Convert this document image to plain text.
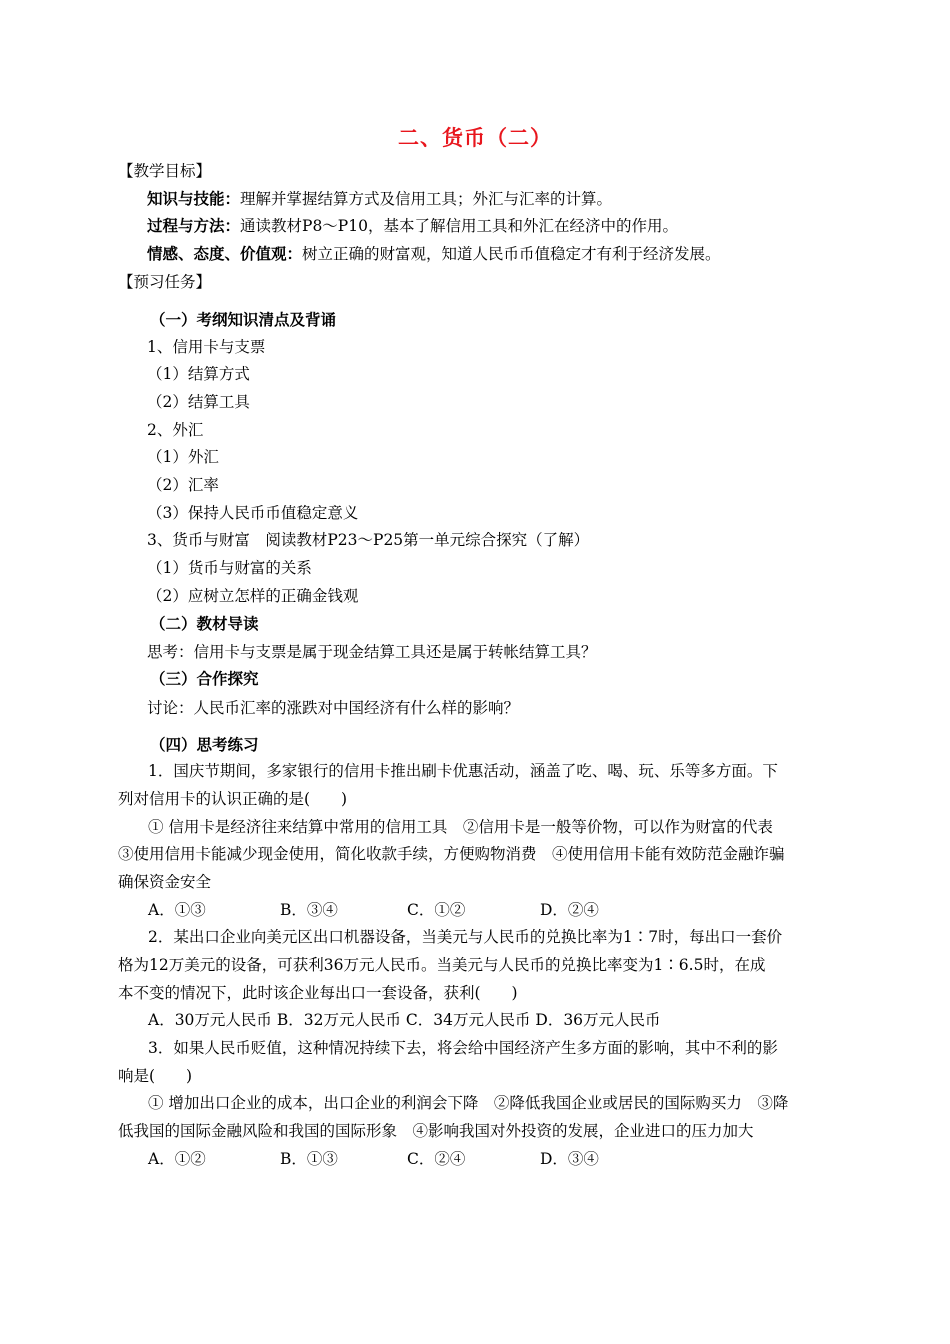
二、货币（二）
【教学目标】
知识与技能：理解并掌握结算方式及信用工具；外汇与汇率的计算。
过程与方法：通读教材P8～P10，基本了解信用工具和外汇在经济中的作用。
情感、态度、价值观：树立正确的财富观，知道人民币币值稳定才有利于经济发展。
【预习任务】
（一）考纲知识清点及背诵
1、信用卡与支票
（1）结算方式
（2）结算工具
2、外汇
（1）外汇
（2）汇率
（3）保持人民币币值稳定意义
3、货币与财富　阅读教材P23～P25第一单元综合探究（了解）
（1）货币与财富的关系
（2）应树立怎样的正确金钱观
（二）教材导读
思考：信用卡与支票是属于现金结算工具还是属于转帐结算工具？
（三）合作探究
讨论：人民币汇率的涨跌对中国经济有什么样的影响？
（四）思考练习
1．国庆节期间，多家银行的信用卡推出刷卡优惠活动，涵盖了吃、喝、玩、乐等多方面。下
列对信用卡的认识正确的是(　　)
① 信用卡是经济往来结算中常用的信用工具　②信用卡是一般等价物，可以作为财富的代表
③使用信用卡能减少现金使用，简化收款手续，方便购物消费　④使用信用卡能有效防范金融诈骗
确保资金安全
A．①③	B．③④	C．①②	D．②④
2．某出口企业向美元区出口机器设备，当美元与人民币的兑换比率为1∶7时，每出口一套价
格为12万美元的设备，可获利36万元人民币。当美元与人民币的兑换比率变为1∶6.5时，在成
本不变的情况下，此时该企业每出口一套设备，获利(　　)
A．30万元人民币 B．32万元人民币 C．34万元人民币 D．36万元人民币
3．如果人民币贬值，这种情况持续下去，将会给中国经济产生多方面的影响，其中不利的影
响是(　　)
① 增加出口企业的成本，出口企业的利润会下降　②降低我国企业或居民的国际购买力　③降
低我国的国际金融风险和我国的国际形象　④影响我国对外投资的发展，企业进口的压力加大
A．①②	B．①③	C．②④	D．③④
